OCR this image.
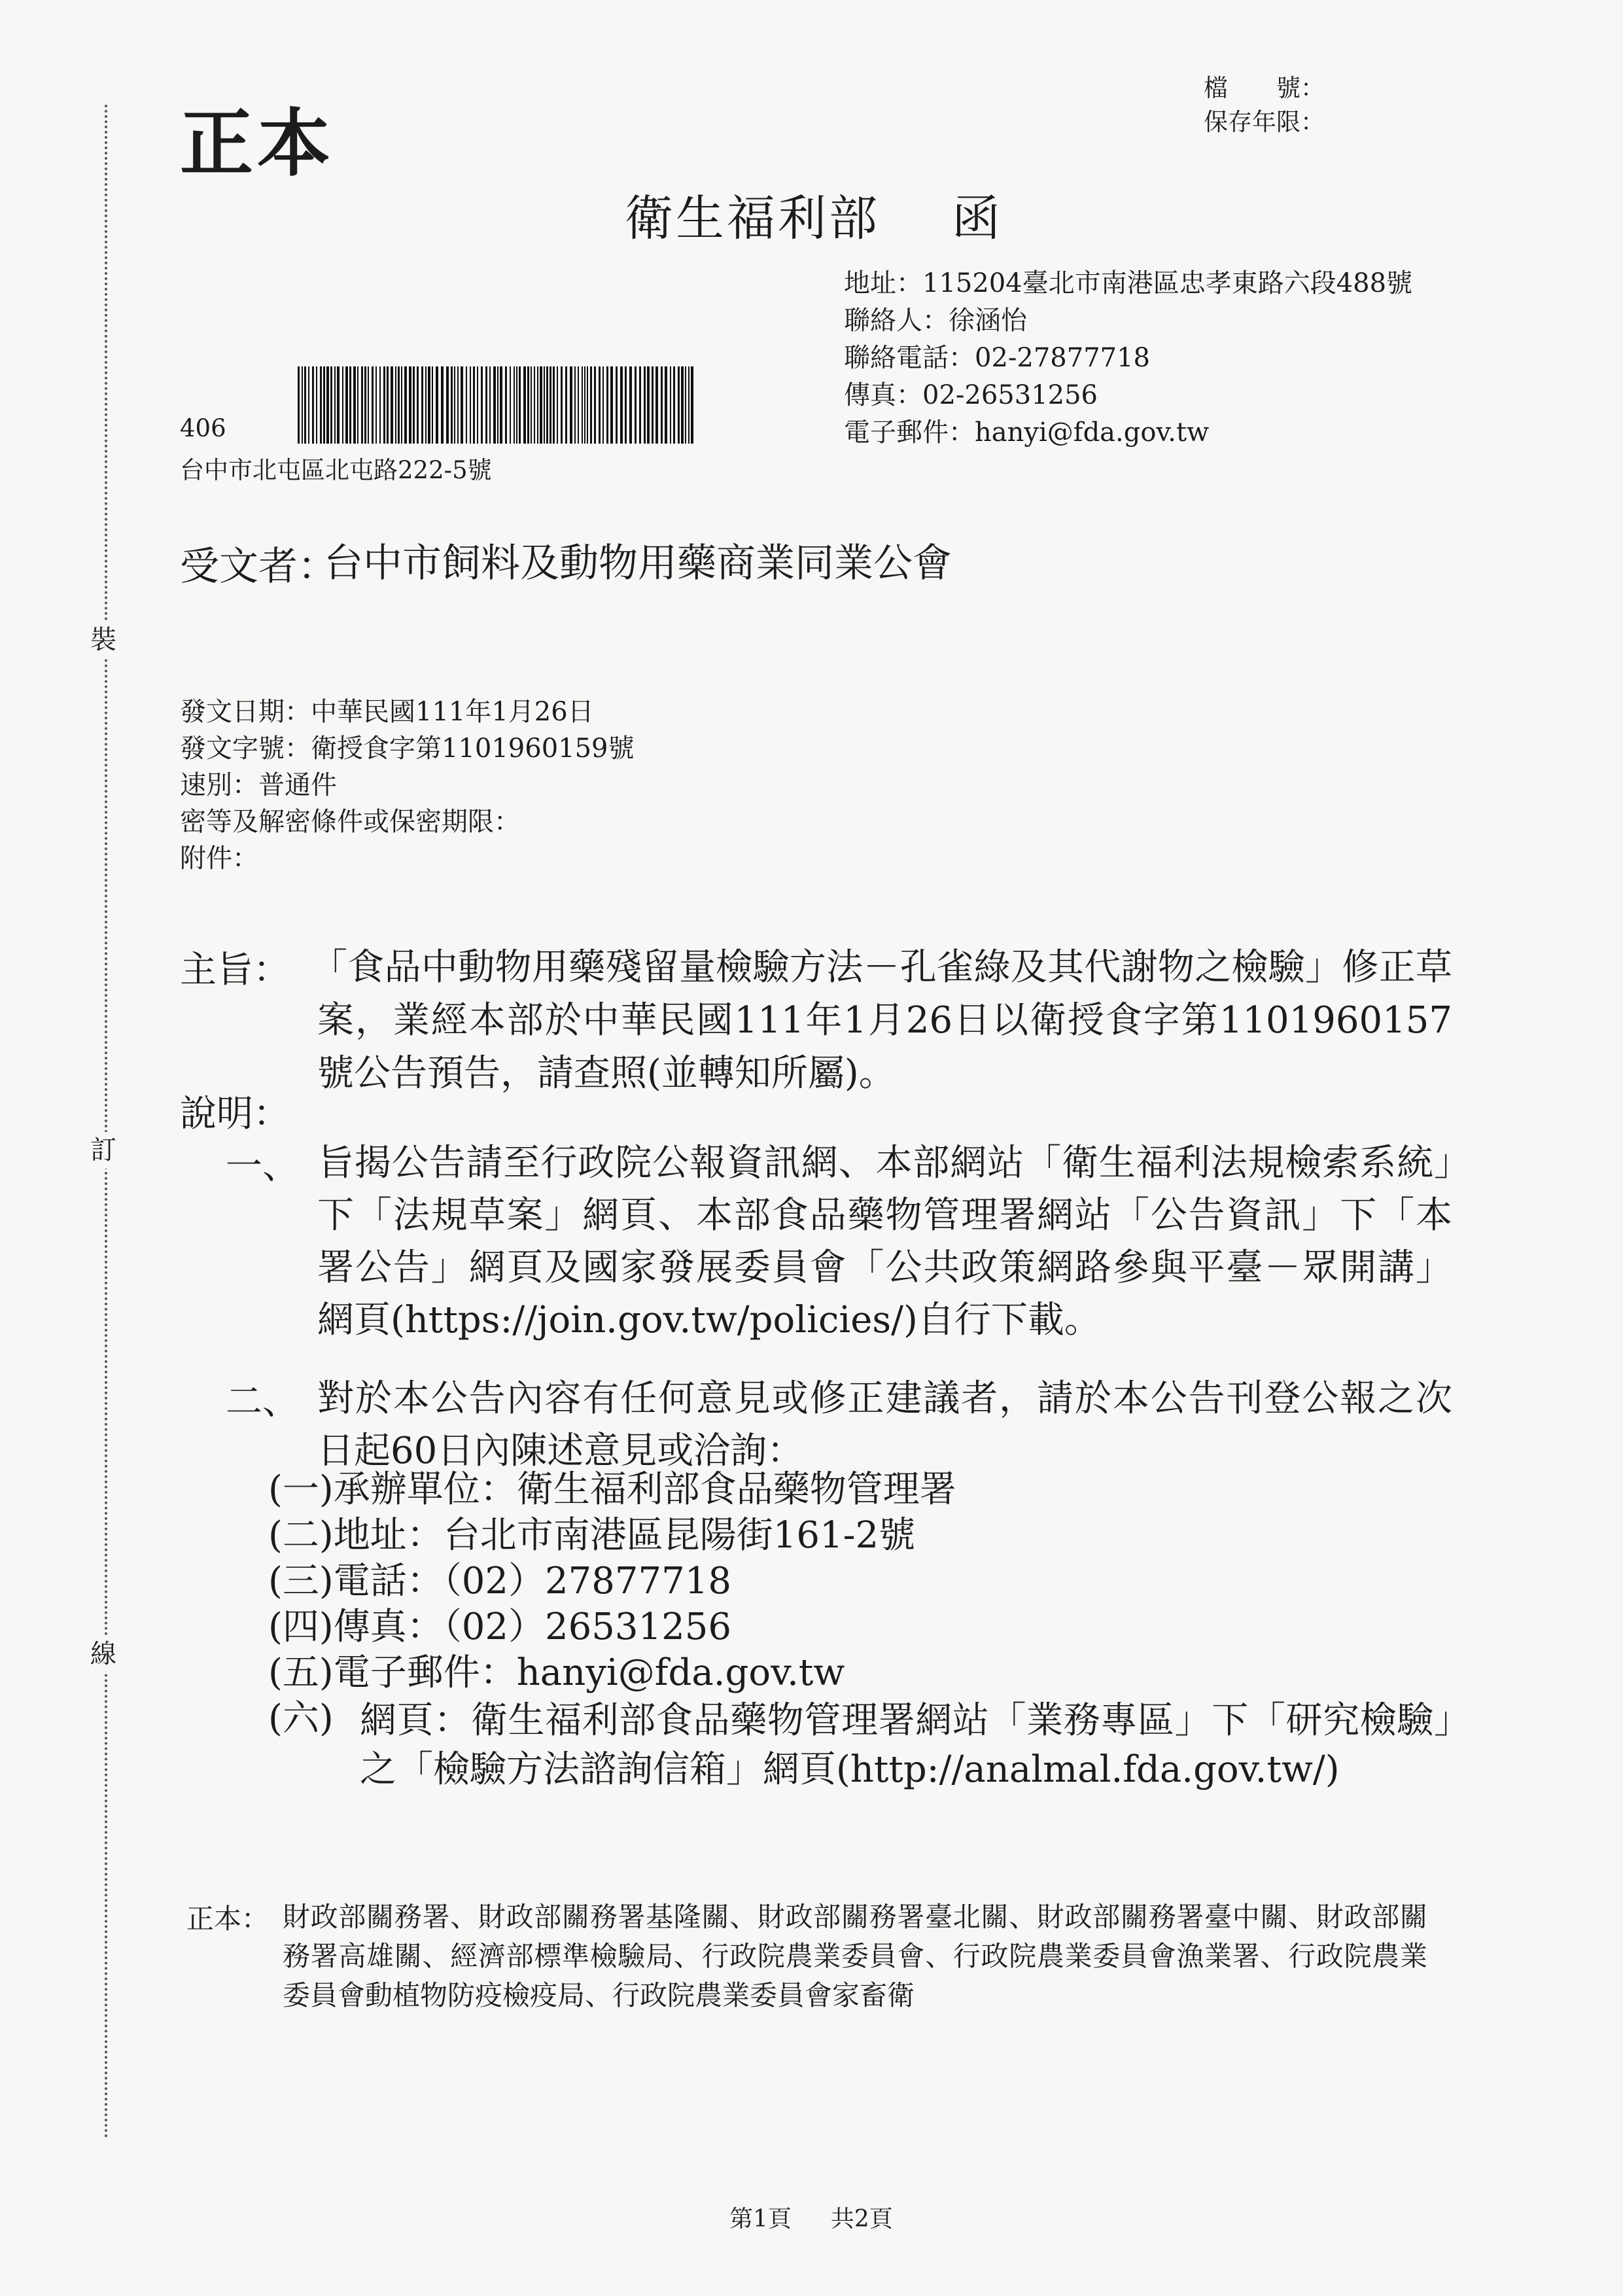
裝
訂
線
正本
檔　　號：
保存年限：
衛生福利部 函
地址：115204臺北市南港區忠孝東路六段488號
聯絡人：徐涵怡
聯絡電話：02-27877718
傳真：02-26531256
電子郵件：hanyi@fda.gov.tw
406
台中市北屯區北屯路222-5號
受文者：
台中市飼料及動物用藥商業同業公會
發文日期：中華民國111年1月26日
發文字號：衛授食字第1101960159號
速別：普通件
密等及解密條件或保密期限：
附件：
主旨： 「食品中動物用藥殘留量檢驗方法－孔雀綠及其代謝物之檢驗」修正草案，業經本部於中華民國111年1月26日以衛授食字第1101960157號公告預告，請查照(並轉知所屬)。
說明：
一、 旨揭公告請至行政院公報資訊網、本部網站「衛生福利法規檢索系統」下「法規草案」網頁、本部食品藥物管理署網站「公告資訊」下「本署公告」網頁及國家發展委員會「公共政策網路參與平臺－眾開講」網頁(https://join.gov.tw/policies/)自行下載。
二、 對於本公告內容有任何意見或修正建議者，請於本公告刊登公報之次日起60日內陳述意見或洽詢：
(一)承辦單位：衛生福利部食品藥物管理署
(二)地址：台北市南港區昆陽街161-2號
(三)電話：（02）27877718
(四)傳真：（02）26531256
(五)電子郵件：hanyi@fda.gov.tw
(六) 網頁：衛生福利部食品藥物管理署網站「業務專區」下「研究檢驗」之「檢驗方法諮詢信箱」網頁(http://analmal.fda.gov.tw/)
正本： 財政部關務署、財政部關務署基隆關、財政部關務署臺北關、財政部關務署臺中關、財政部關務署高雄關、經濟部標準檢驗局、行政院農業委員會、行政院農業委員會漁業署、行政院農業委員會動植物防疫檢疫局、行政院農業委員會家畜衛
第1頁 共2頁
